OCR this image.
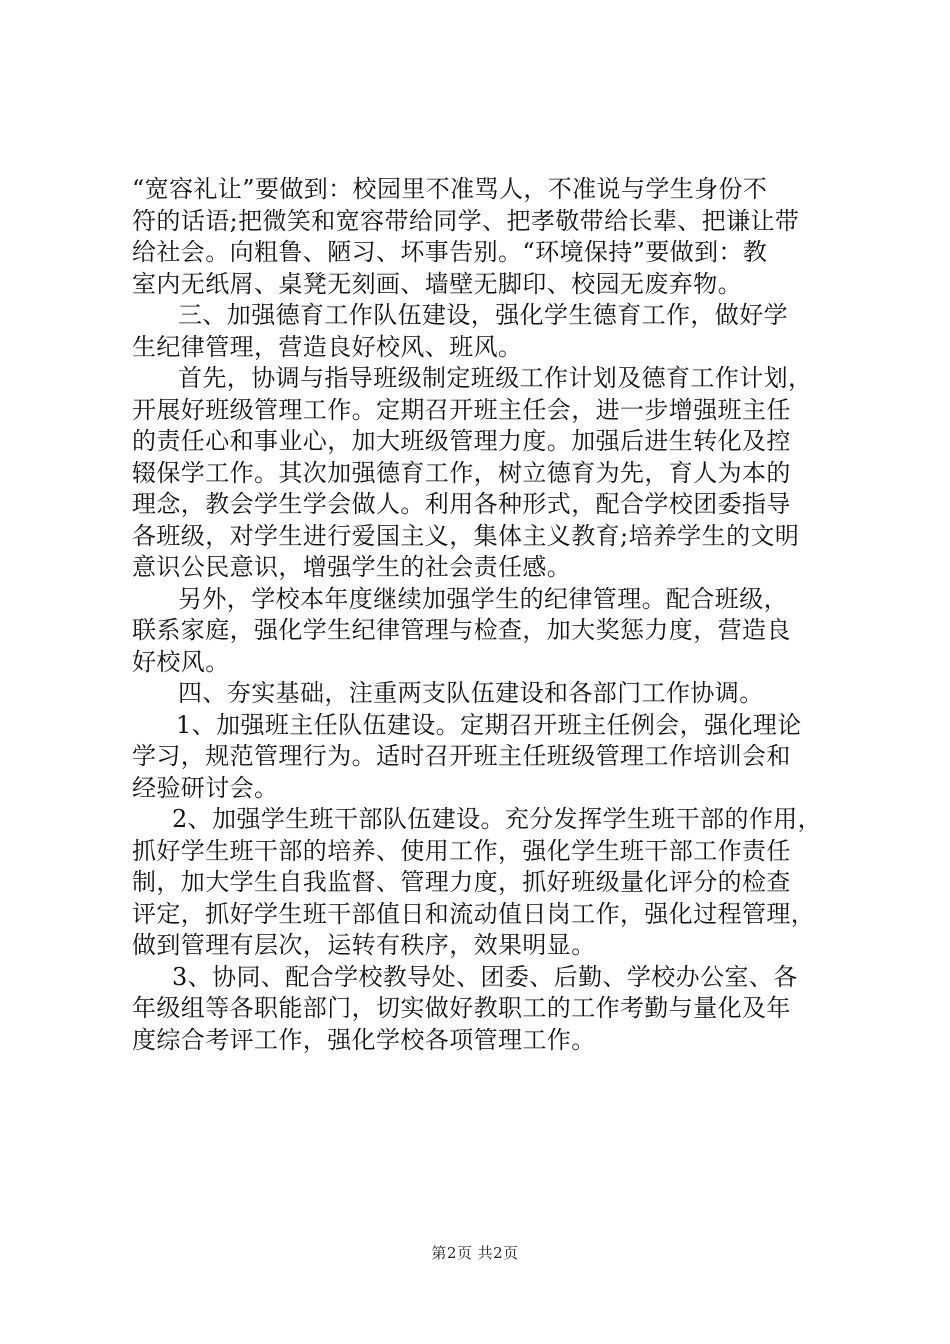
“宽容礼让”要做到：校园里不准骂人，不准说与学生身份不
符的话语;把微笑和宽容带给同学、把孝敬带给长辈、把谦让带
给社会。向粗鲁、陋习、坏事告别。“环境保持”要做到：教
室内无纸屑、桌凳无刻画、墙壁无脚印、校园无废弃物。
三、加强德育工作队伍建设，强化学生德育工作，做好学
生纪律管理，营造良好校风、班风。
首先，协调与指导班级制定班级工作计划及德育工作计划，
开展好班级管理工作。定期召开班主任会，进一步增强班主任
的责任心和事业心，加大班级管理力度。加强后进生转化及控
辍保学工作。其次加强德育工作，树立德育为先，育人为本的
理念，教会学生学会做人。利用各种形式，配合学校团委指导
各班级，对学生进行爱国主义，集体主义教育;培养学生的文明
意识公民意识，增强学生的社会责任感。
另外，学校本年度继续加强学生的纪律管理。配合班级，
联系家庭，强化学生纪律管理与检查，加大奖惩力度，营造良
好校风。
四、夯实基础，注重两支队伍建设和各部门工作协调。
1、加强班主任队伍建设。定期召开班主任例会，强化理论
学习，规范管理行为。适时召开班主任班级管理工作培训会和
经验研讨会。
2、加强学生班干部队伍建设。充分发挥学生班干部的作用，
抓好学生班干部的培养、使用工作，强化学生班干部工作责任
制，加大学生自我监督、管理力度，抓好班级量化评分的检查
评定，抓好学生班干部值日和流动值日岗工作，强化过程管理，
做到管理有层次，运转有秩序，效果明显。
3、协同、配合学校教导处、团委、后勤、学校办公室、各
年级组等各职能部门，切实做好教职工的工作考勤与量化及年
度综合考评工作，强化学校各项管理工作。
第2页 共2页
